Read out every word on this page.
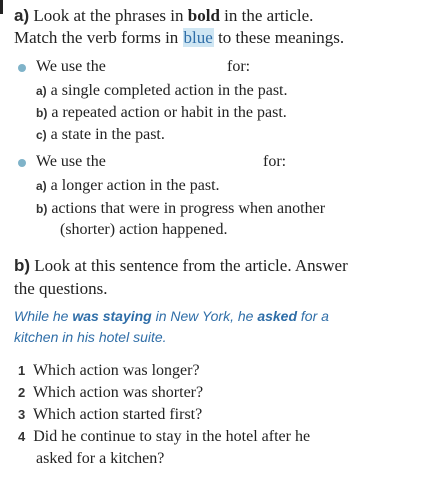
a) Look at the phrases in bold in the article.
Match the verb forms in blue to these meanings.
We use the	for:
a) a single completed action in the past.
b) a repeated action or habit in the past.
c) a state in the past.
We use the	for:
a) a longer action in the past.
b) actions that were in progress when another
(shorter) action happened.
b) Look at this sentence from the article. Answer
the questions.
While he was staying in New York, he asked for a
kitchen in his hotel suite.
1 Which action was longer?
2 Which action was shorter?
3 Which action started first?
4 Did he continue to stay in the hotel after he
asked for a kitchen?
